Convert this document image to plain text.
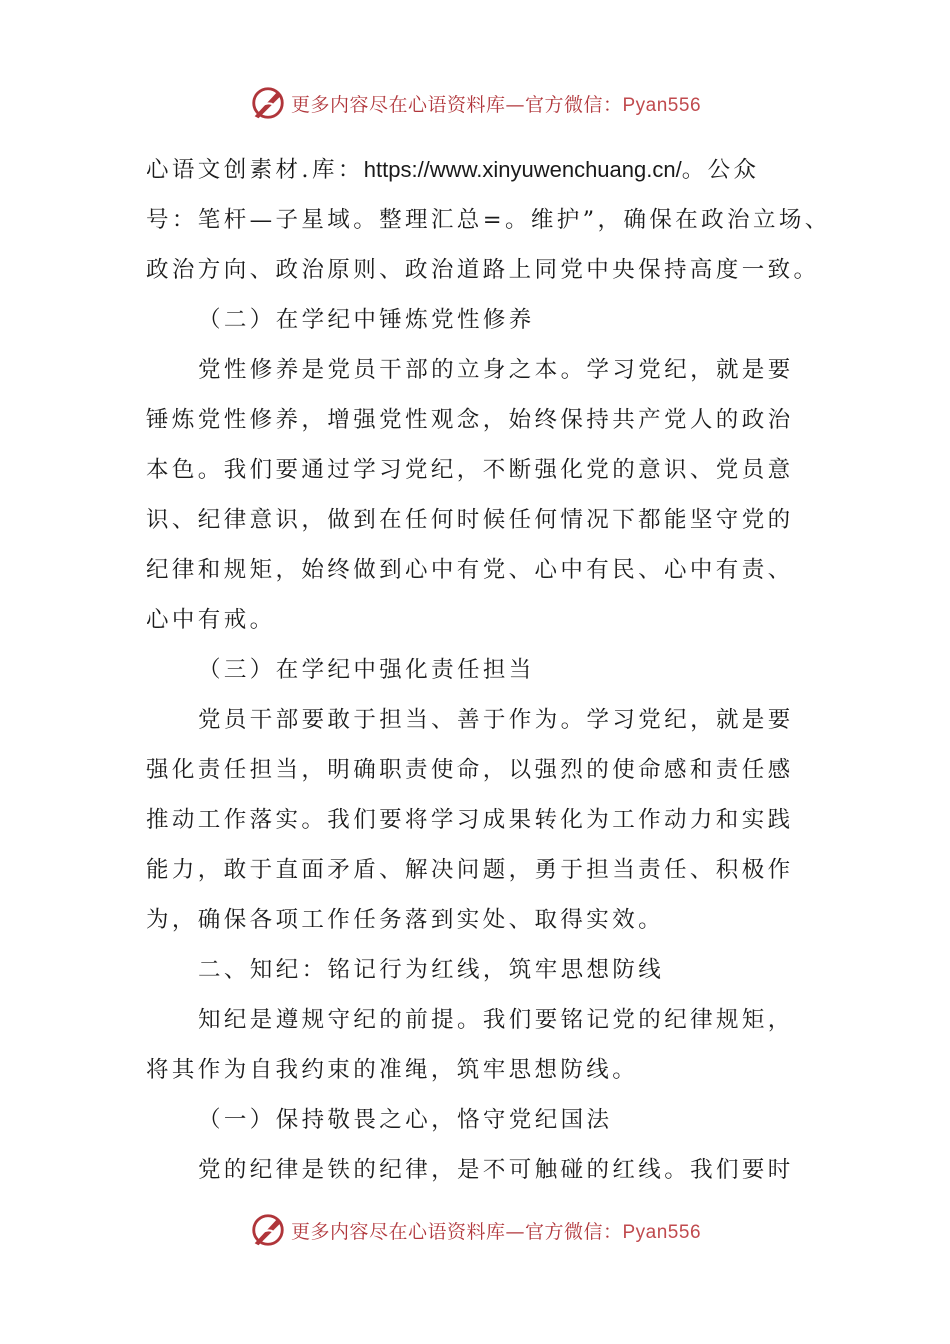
更多内容尽在心语资料库—官方微信：Pyan556
心语文创素材.库：https://www.xinyuwenchuang.cn/。公众
号：笔杆—子星域。整理汇总=。维护”，确保在政治立场、
政治方向、政治原则、政治道路上同党中央保持高度一致。
（二）在学纪中锤炼党性修养
党性修养是党员干部的立身之本。学习党纪，就是要
锤炼党性修养，增强党性观念，始终保持共产党人的政治
本色。我们要通过学习党纪，不断强化党的意识、党员意
识、纪律意识，做到在任何时候任何情况下都能坚守党的
纪律和规矩，始终做到心中有党、心中有民、心中有责、
心中有戒。
（三）在学纪中强化责任担当
党员干部要敢于担当、善于作为。学习党纪，就是要
强化责任担当，明确职责使命，以强烈的使命感和责任感
推动工作落实。我们要将学习成果转化为工作动力和实践
能力，敢于直面矛盾、解决问题，勇于担当责任、积极作
为，确保各项工作任务落到实处、取得实效。
二、知纪：铭记行为红线，筑牢思想防线
知纪是遵规守纪的前提。我们要铭记党的纪律规矩，
将其作为自我约束的准绳，筑牢思想防线。
（一）保持敬畏之心，恪守党纪国法
党的纪律是铁的纪律，是不可触碰的红线。我们要时
更多内容尽在心语资料库—官方微信：Pyan556
